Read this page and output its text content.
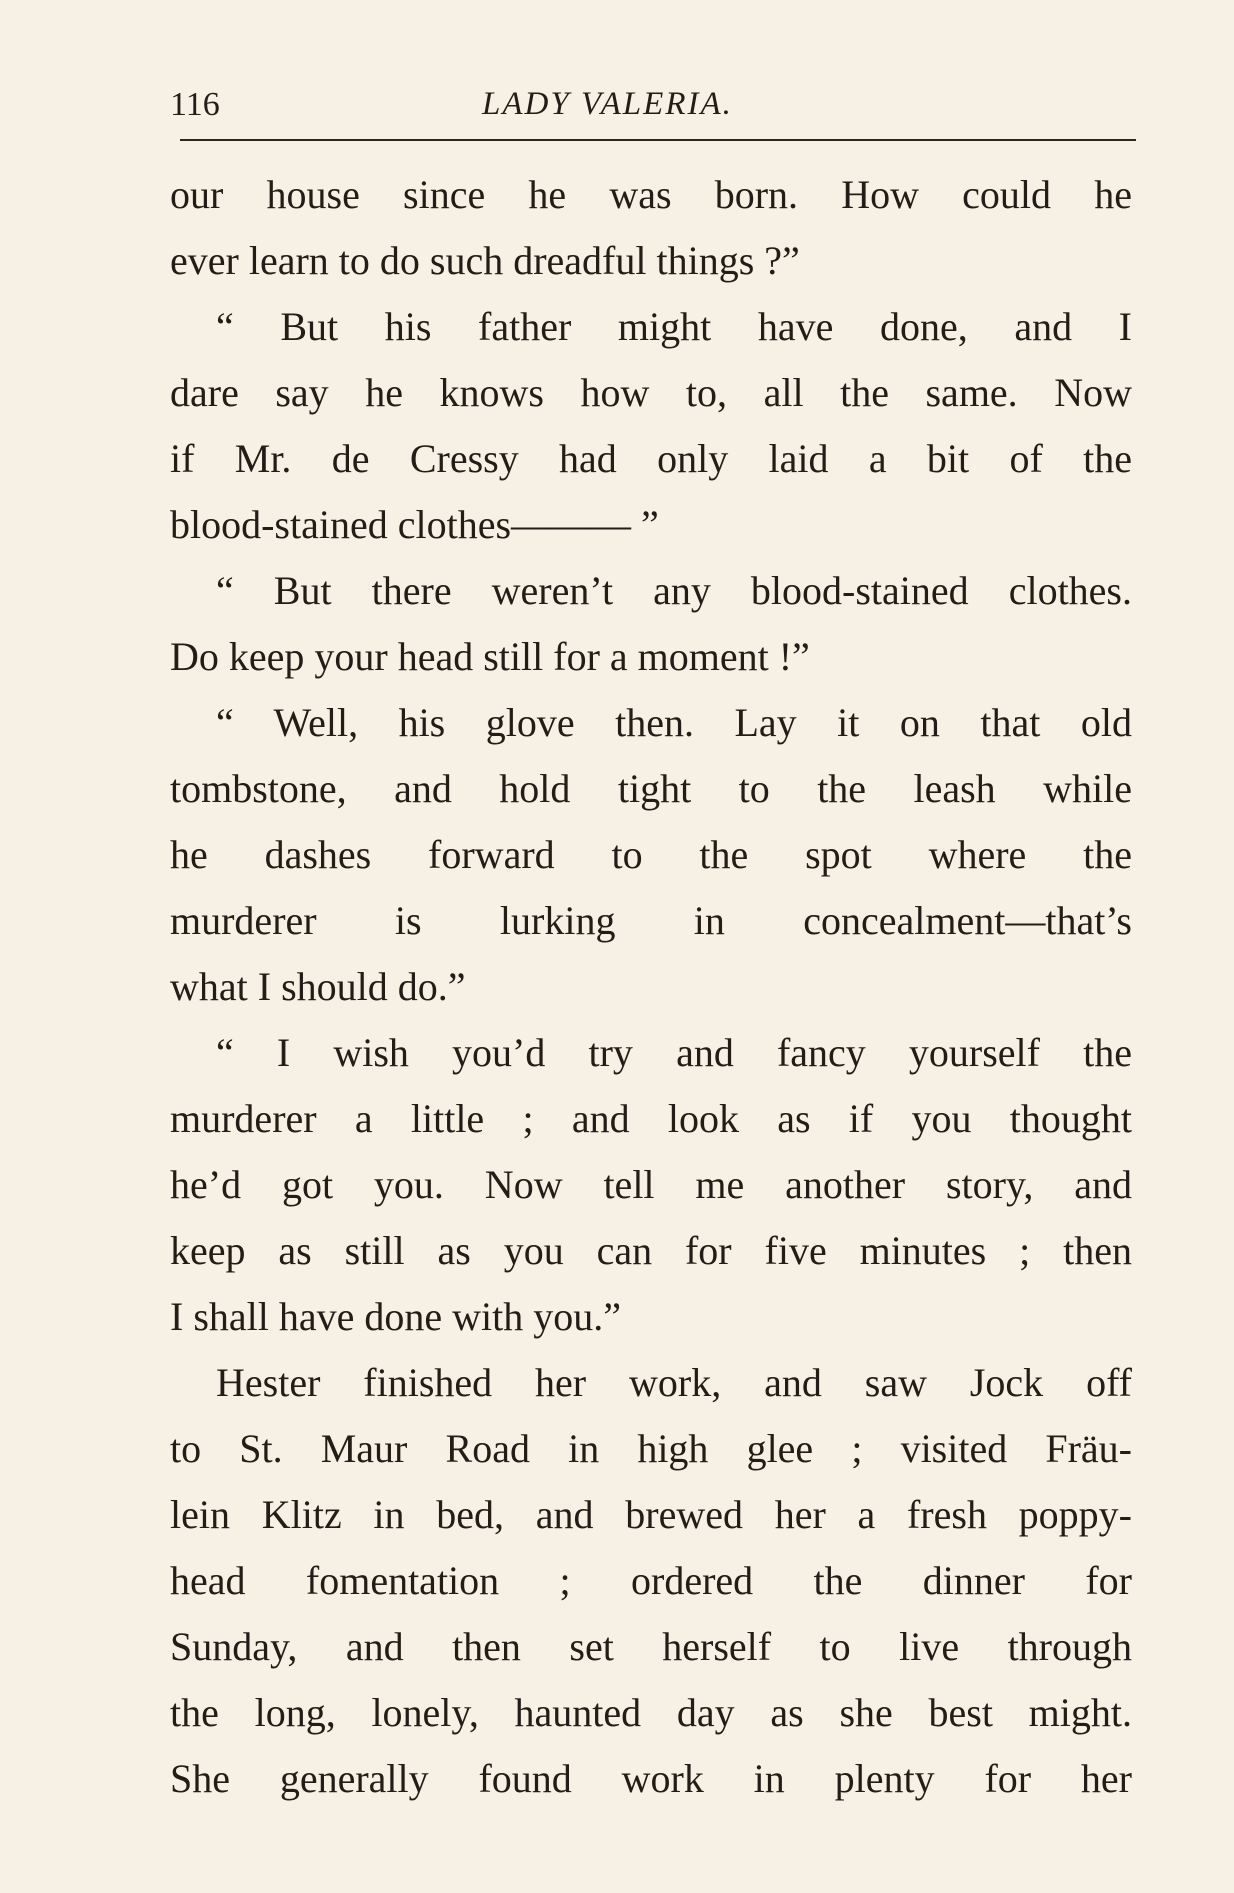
116	LADY VALERIA.
our house since he was born. How could he
ever learn to do such dreadful things ?”
“ But his father might have done, and I
dare say he knows how to, all the same. Now
if Mr. de Cressy had only laid a bit of the
blood-stained clothes——— ”
“ But there weren’t any blood-stained clothes.
Do keep your head still for a moment !”
“ Well, his glove then. Lay it on that old
tombstone, and hold tight to the leash while
he dashes forward to the spot where the
murderer is lurking in concealment—that’s
what I should do.”
“ I wish you’d try and fancy yourself the
murderer a little ; and look as if you thought
he’d got you. Now tell me another story, and
keep as still as you can for five minutes ; then
I shall have done with you.”
Hester finished her work, and saw Jock off
to St. Maur Road in high glee ; visited Fräu-
lein Klitz in bed, and brewed her a fresh poppy-
head fomentation ; ordered the dinner for
Sunday, and then set herself to live through
the long, lonely, haunted day as she best might.
She generally found work in plenty for her
